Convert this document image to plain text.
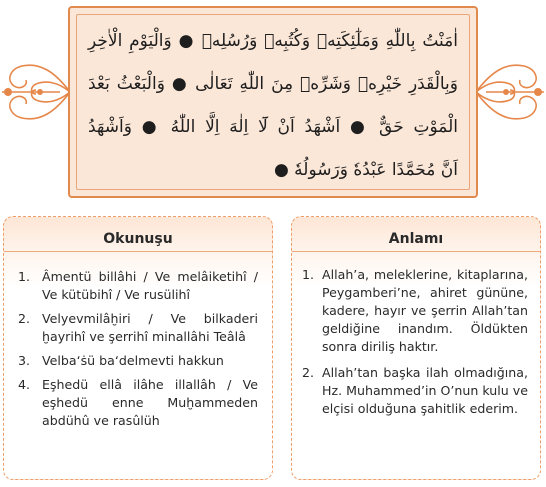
اٰمَنْتُ بِاللّٰهِ وَمَلٰٓئِكَتِهٖ وَكُتُبِهٖ وَرُسُلِهٖ ● وَالْيَوْمِ الْاٰخِرِ
وَبِالْقَدَرِ خَيْرِهٖ وَشَرِّهٖ مِنَ اللّٰهِ تَعَالٰى ● وَالْبَعْثُ بَعْدَ
الْمَوْتِ حَقٌّ ● اَشْهَدُ اَنْ لَٓا اِلٰهَ اِلَّا اللّٰهُ ● وَاَشْهَدُ
اَنَّ مُحَمَّدًا عَبْدُهٗ وَرَسُولُهٗ ●
Okunuşu
1. Âmentü billâhi / Ve melâiketihî / Ve kütübihî / Ve rusülihî
2. Velyevmilâḫiri / Ve bilkaderi ḫayrihî ve şerrihî minallâhi Teâlâ
3. Velba‘ṡü ba‘delmevti hakkun
4. Eşhedü ellâ ilâhe illallâh / Ve eşhedü enne Muḫammeden abdühû ve rasûlüh
Anlamı
1. Allah’a, meleklerine, kitaplarına, Peygamberi’ne, ahiret gününe, kadere, hayır ve şerrin Allah’tan geldiğine inandım. Öldükten sonra diriliş haktır.
2. Allah’tan başka ilah olmadığına, Hz. Muhammed’in O’nun kulu ve elçisi olduğuna şahitlik ederim.
